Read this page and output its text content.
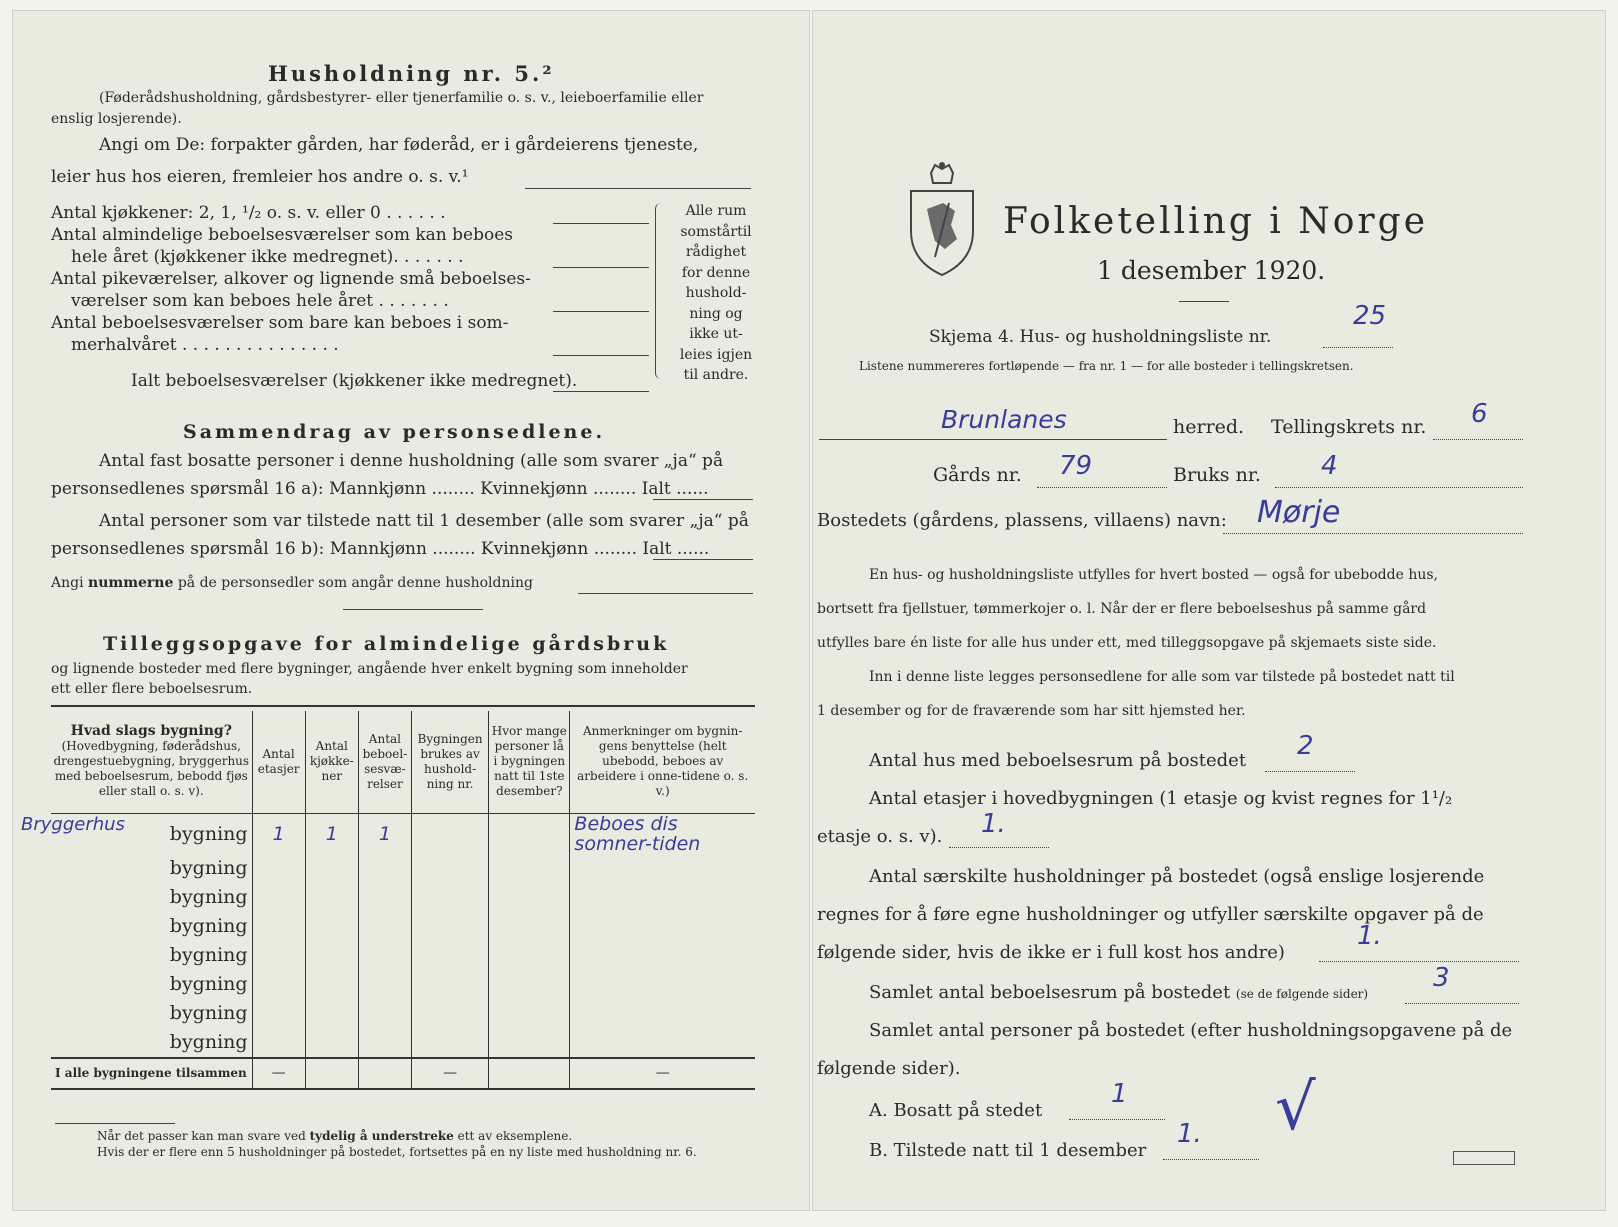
Husholdning nr. 5.²
(Føderådshusholdning, gårdsbestyrer- eller tjenerfamilie o. s. v., leieboerfamilie eller
enslig losjerende).
Angi om De: forpakter gården, har føderåd, er i gårdeierens tjeneste,
leier hus hos eieren, fremleier hos andre o. s. v.¹
Antal kjøkkener: 2, 1, ¹/₂ o. s. v. eller 0 . . . . . .
Antal almindelige beboelsesværelser som kan beboes
hele året (kjøkkener ikke medregnet). . . . . . .
Antal pikeværelser, alkover og lignende små beboelses-
værelser som kan beboes hele året . . . . . . .
Antal beboelsesværelser som bare kan beboes i som-
merhalvåret . . . . . . . . . . . . . . .
Alle rum
somstårtil
rådighet
for denne
hushold-
ning og
ikke ut-
leies igjen
til andre.
Ialt beboelsesværelser (kjøkkener ikke medregnet).
Sammendrag av personsedlene.
Antal fast bosatte personer i denne husholdning (alle som svarer „ja“ på
personsedlenes spørsmål 16 a): Mannkjønn ........ Kvinnekjønn ........ Ialt ......
Antal personer som var tilstede natt til 1 desember (alle som svarer „ja“ på
personsedlenes spørsmål 16 b): Mannkjønn ........ Kvinnekjønn ........ Ialt ......
Angi nummerne på de personsedler som angår denne husholdning
Tilleggsopgave for almindelige gårdsbruk
og lignende bosteder med flere bygninger, angående hver enkelt bygning som inneholder
ett eller flere beboelsesrum.
Hvad slags bygning?
(Hovedbygning, føderådshus, drengestuebygning, bryggerhus med beboelsesrum, bebodd fjøs eller stall o. s. v).	Antal etasjer	Antal kjøkke-ner	Antal beboel-sesvæ-relser	Bygningen brukes av hushold-ning nr.	Hvor mange personer lå i bygningen natt til 1ste desember?	Anmerkninger om bygnin-gens benyttelse (helt ubebodd, beboes av arbeidere i onne-tidene o. s. v.)

Bryggerhus bygning	1	1	1			Beboes dis somner-tiden
bygning						
bygning						
bygning						
bygning						
bygning						
bygning						
bygning						
I alle bygningene tilsammen	—			—		—
Når det passer kan man svare ved tydelig å understreke ett av eksemplene.
Hvis der er flere enn 5 husholdninger på bostedet, fortsettes på en ny liste med husholdning nr. 6.
Folketelling i Norge
1 desember 1920.
Skjema 4. Hus- og husholdningsliste nr.
25
Listene nummereres fortløpende — fra nr. 1 — for alle bosteder i tellingskretsen.
Brunlanes	herred. Tellingskrets nr. 6
Gårds nr. 79	Bruks nr. 4
Bostedets (gårdens, plassens, villaens) navn: Mørje
En hus- og husholdningsliste utfylles for hvert bosted — også for ubebodde hus,
bortsett fra fjellstuer, tømmerkojer o. l. Når der er flere beboelseshus på samme gård
utfylles bare én liste for alle hus under ett, med tilleggsopgave på skjemaets siste side.
Inn i denne liste legges personsedlene for alle som var tilstede på bostedet natt til
1 desember og for de fraværende som har sitt hjemsted her.
Antal hus med beboelsesrum på bostedet 2
Antal etasjer i hovedbygningen (1 etasje og kvist regnes for 1¹/₂
etasje o. s. v). 1.
Antal særskilte husholdninger på bostedet (også enslige losjerende
regnes for å føre egne husholdninger og utfyller særskilte opgaver på de
følgende sider, hvis de ikke er i full kost hos andre)
1.
Samlet antal beboelsesrum på bostedet (se de følgende sider)
3
Samlet antal personer på bostedet (efter husholdningsopgavene på de
følgende sider).
A. Bosatt på stedet
1
B. Tilstede natt til 1 desember
1. √
